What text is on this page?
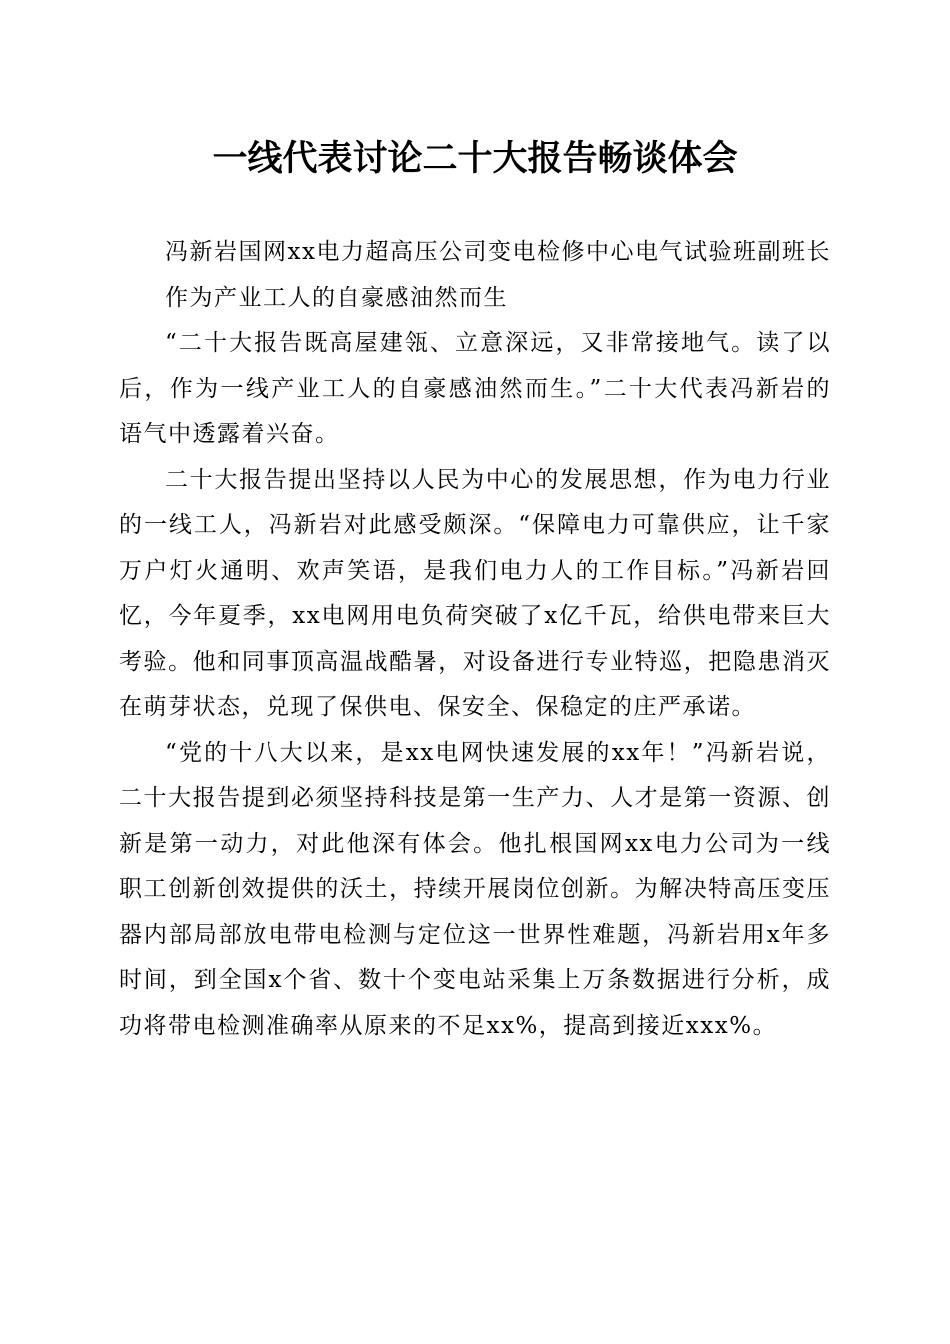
一线代表讨论二十大报告畅谈体会

冯新岩国网xx电力超高压公司变电检修中心电气试验班副班长

作为产业工人的自豪感油然而生

“二十大报告既高屋建瓴、立意深远，又非常接地气。读了以后，作为一线产业工人的自豪感油然而生。”二十大代表冯新岩的语气中透露着兴奋。

二十大报告提出坚持以人民为中心的发展思想，作为电力行业的一线工人，冯新岩对此感受颇深。“保障电力可靠供应，让千家万户灯火通明、欢声笑语，是我们电力人的工作目标。”冯新岩回忆，今年夏季，xx电网用电负荷突破了x亿千瓦，给供电带来巨大考验。他和同事顶高温战酷暑，对设备进行专业特巡，把隐患消灭在萌芽状态，兑现了保供电、保安全、保稳定的庄严承诺。

“党的十八大以来，是xx电网快速发展的xx年！”冯新岩说，二十大报告提到必须坚持科技是第一生产力、人才是第一资源、创新是第一动力，对此他深有体会。他扎根国网xx电力公司为一线职工创新创效提供的沃土，持续开展岗位创新。为解决特高压变压器内部局部放电带电检测与定位这一世界性难题，冯新岩用x年多时间，到全国x个省、数十个变电站采集上万条数据进行分析，成功将带电检测准确率从原来的不足xx%，提高到接近xxx%。
